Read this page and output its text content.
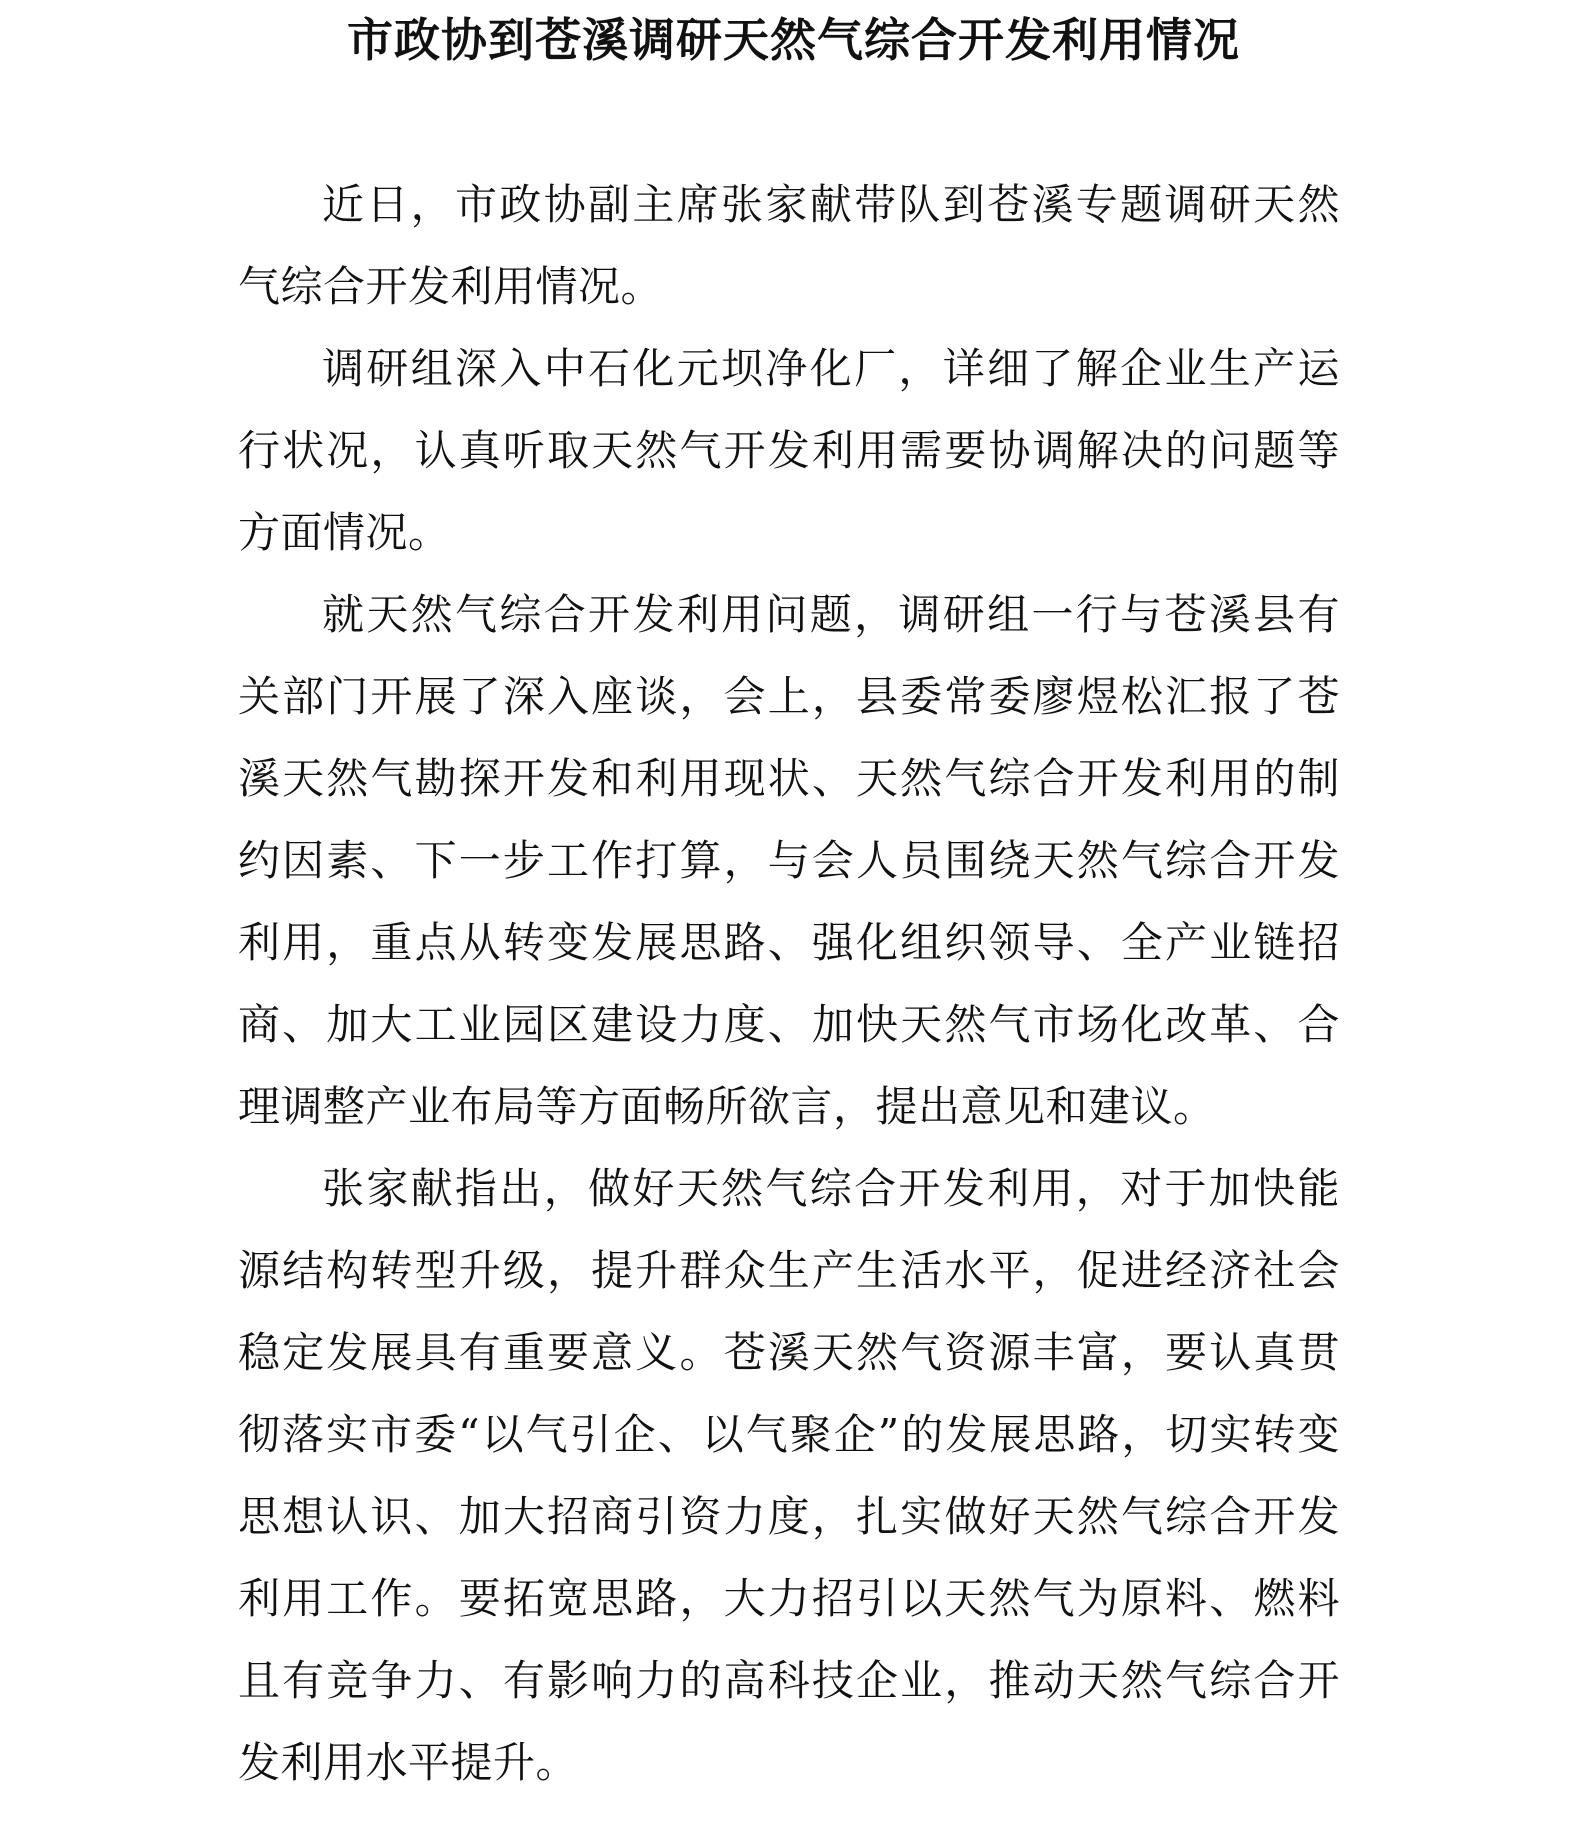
市政协到苍溪调研天然气综合开发利用情况

近日，市政协副主席张家献带队到苍溪专题调研天然气综合开发利用情况。

调研组深入中石化元坝净化厂，详细了解企业生产运行状况，认真听取天然气开发利用需要协调解决的问题等方面情况。

就天然气综合开发利用问题，调研组一行与苍溪县有关部门开展了深入座谈，会上，县委常委廖煜松汇报了苍溪天然气勘探开发和利用现状、天然气综合开发利用的制约因素、下一步工作打算，与会人员围绕天然气综合开发利用，重点从转变发展思路、强化组织领导、全产业链招商、加大工业园区建设力度、加快天然气市场化改革、合理调整产业布局等方面畅所欲言，提出意见和建议。

张家献指出，做好天然气综合开发利用，对于加快能源结构转型升级，提升群众生产生活水平，促进经济社会稳定发展具有重要意义。苍溪天然气资源丰富，要认真贯彻落实市委“以气引企、以气聚企”的发展思路，切实转变思想认识、加大招商引资力度，扎实做好天然气综合开发利用工作。要拓宽思路，大力招引以天然气为原料、燃料且有竞争力、有影响力的高科技企业，推动天然气综合开发利用水平提升。
